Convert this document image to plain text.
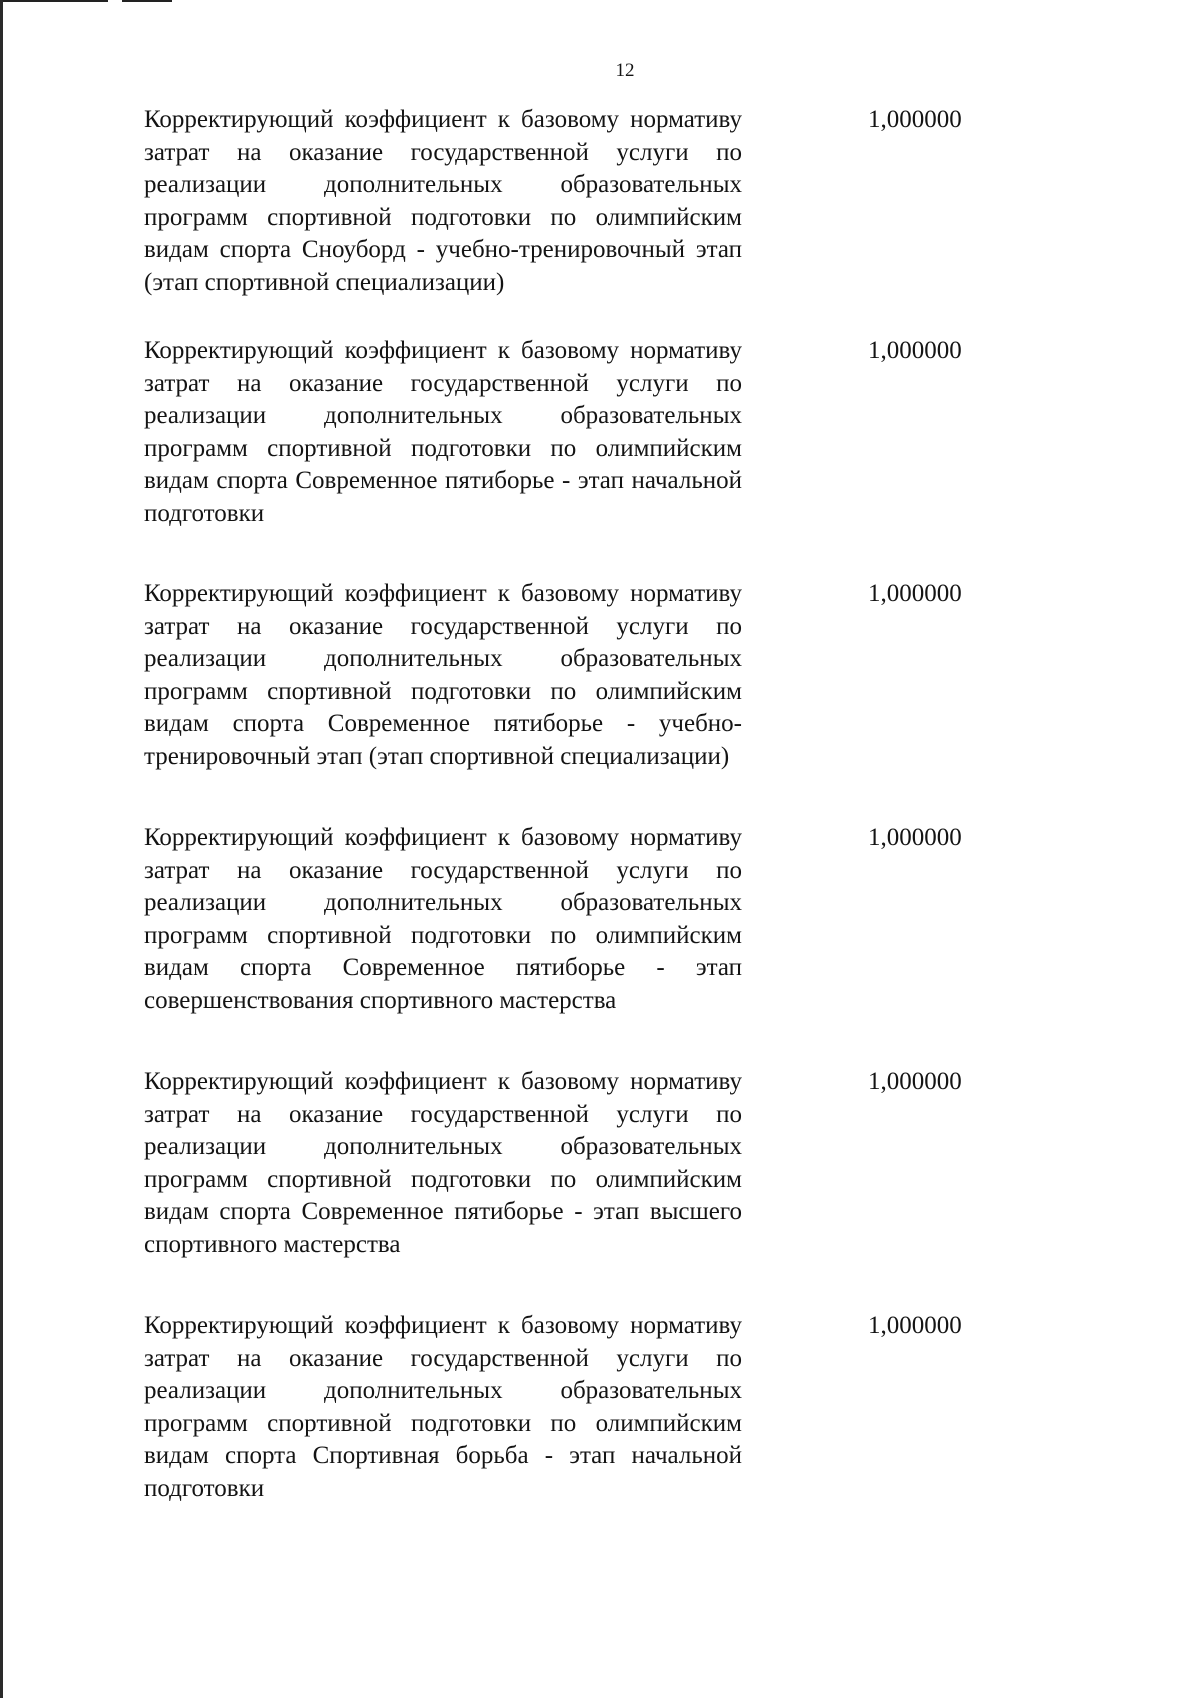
12
Корректирующий коэффициент к базовому нормативу затрат на оказание государственной услуги по реализации дополнительных образовательных программ спортивной подготовки по олимпийским видам спорта Сноуборд - учебно-тренировочный этап (этап спортивной специализации)
1,000000
Корректирующий коэффициент к базовому нормативу затрат на оказание государственной услуги по реализации дополнительных образовательных программ спортивной подготовки по олимпийским видам спорта Современное пятиборье - этап начальной подготовки
1,000000
Корректирующий коэффициент к базовому нормативу затрат на оказание государственной услуги по реализации дополнительных образовательных программ спортивной подготовки по олимпийским видам спорта Современное пятиборье - учебно-тренировочный этап (этап спортивной специализации)
1,000000
Корректирующий коэффициент к базовому нормативу затрат на оказание государственной услуги по реализации дополнительных образовательных программ спортивной подготовки по олимпийским видам спорта Современное пятиборье - этап совершенствования спортивного мастерства
1,000000
Корректирующий коэффициент к базовому нормативу затрат на оказание государственной услуги по реализации дополнительных образовательных программ спортивной подготовки по олимпийским видам спорта Современное пятиборье - этап высшего спортивного мастерства
1,000000
Корректирующий коэффициент к базовому нормативу затрат на оказание государственной услуги по реализации дополнительных образовательных программ спортивной подготовки по олимпийским видам спорта Спортивная борьба - этап начальной подготовки
1,000000
